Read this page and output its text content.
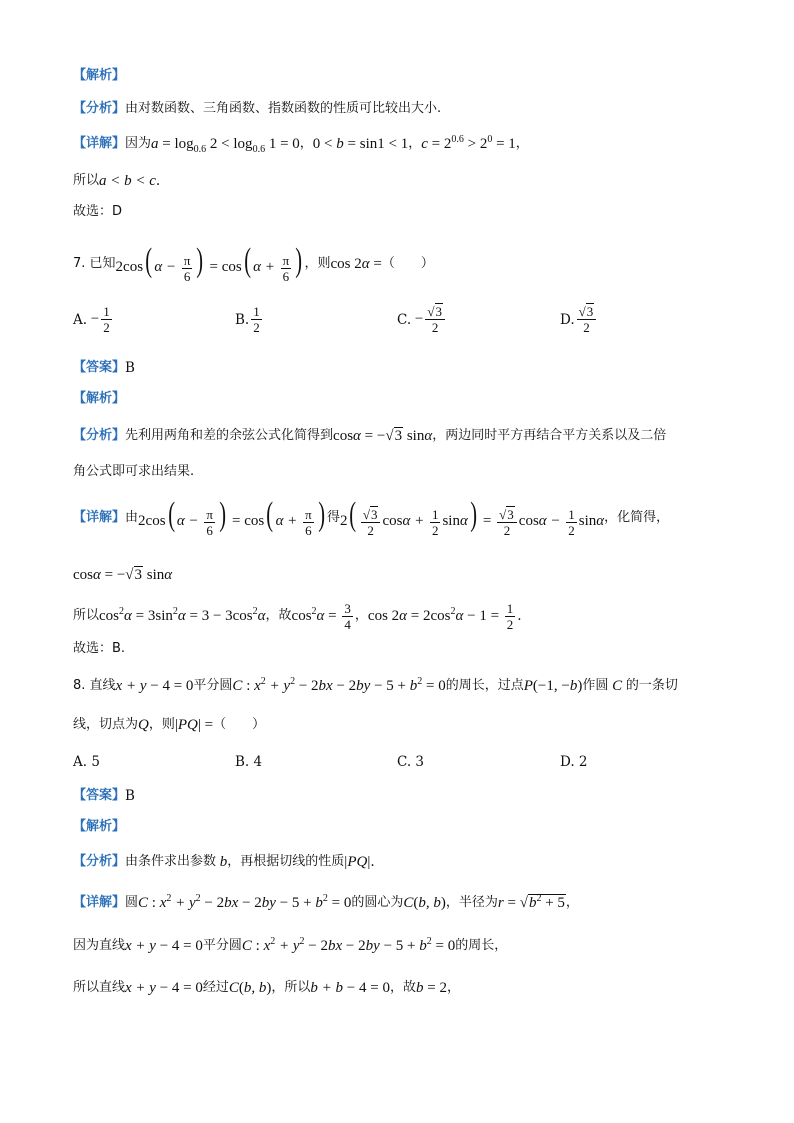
【解析】
【分析】 由对数函数、三角函数、指数函数的性质可比较出大小.
【详解】 因为 $a = \log_{0.6} 2 < \log_{0.6} 1 = 0$ ， 0 < b = sin1 < 1 ， $c = 2^{0.6} > 2^0 = 1$ ，
所以 a < b < c .
故选：D
7. 已知 2cos( $\alpha - \frac{\pi}{6}$ ) = cos( $\alpha + \frac{\pi}{6}$ ) ，则 cos 2α = （　　）
A. − $\frac{1}{2}$	B. $\frac{1}{2}$	C. − $\frac{√3}{2}$	D. $\frac{√3}{2}$
【答案】 B
【解析】
【分析】 先利用两角和差的余弦公式化简得到 cosα = −√3 sinα ，两边同时平方再结合平方关系以及二倍
角公式即可求出结果.
【详解】 由 2cos( $\alpha - \frac{\pi}{6}$ ) = cos( $\alpha + \frac{\pi}{6}$ ) 得 $2( \frac{√3}{2}$ $\cos\alpha + \frac{1}{2} \sin\alpha) = \frac{√3}{2}$ $\cos\alpha - \frac{1}{2}$ sinα ，化简得，
cosα = −√3 sinα
所以 $\cos^2\alpha = 3\sin^2\alpha = 3 - 3\cos^2\alpha$ ，故 $\cos^2\alpha = \frac{3}{4}$ ， $\cos 2\alpha = 2\cos^2\alpha - 1 = \frac{1}{2}$ .
故选：B.
8. 直线 x + y − 4 = 0 平分圆 C : $x^2 + y^2 - 2bx - 2by - 5 + b^2 = 0$ 的周长，过点 P(−1, −b) 作圆 C 的一条切
线，切点为 Q ，则 |PQ| = （　　）
A. 5	B. 4	C. 3	D. 2
【答案】 B
【解析】
【分析】 由条件求出参数 b ，再根据切线的性质 |PQ| .
【详解】 圆 C : $x^2 + y^2 - 2bx - 2by - 5 + b^2 = 0$ 的圆心为 C(b, b) ，半径为 $r = √b^2 + 5$ ，
因为直线 x + y − 4 = 0 平分圆 C : $x^2 + y^2 - 2bx - 2by - 5 + b^2 = 0$ 的周长，
所以直线 x + y − 4 = 0 经过 C(b, b) ，所以 b + b − 4 = 0 ，故 b = 2 ，
